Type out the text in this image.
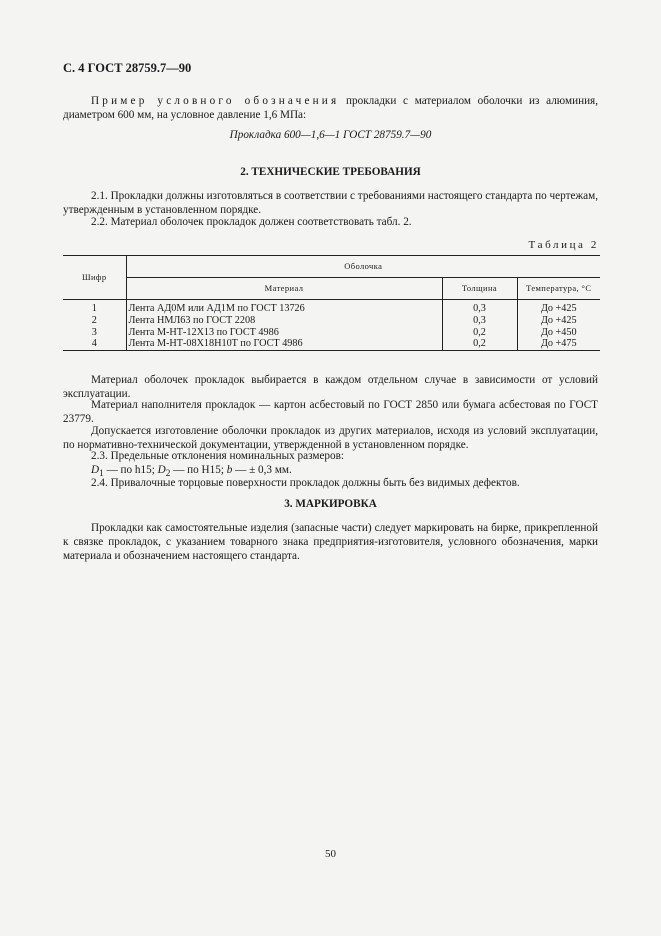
С. 4 ГОСТ 28759.7—90
Пример условного обозначения прокладки с материалом оболочки из алюминия, диаметром 600 мм, на условное давление 1,6 МПа:
Прокладка 600—1,6—1 ГОСТ 28759.7—90
2. ТЕХНИЧЕСКИЕ ТРЕБОВАНИЯ
2.1. Прокладки должны изготовляться в соответствии с требованиями настоящего стандарта по чертежам, утвержденным в установленном порядке.
2.2. Материал оболочек прокладок должен соответствовать табл. 2.
Таблица 2
Шифр	Оболочка		
	Материал	Толщина	Температура, °С
1	Лента АД0М или АД1М по ГОСТ 13726	0,3	До +425
2	Лента НМЛ63 по ГОСТ 2208	0,3	До +425
3	Лента М-НТ-12Х13 по ГОСТ 4986	0,2	До +450
4	Лента М-НТ-08Х18Н10Т по ГОСТ 4986	0,2	До +475
Материал оболочек прокладок выбирается в каждом отдельном случае в зависимости от условий эксплуатации.
Материал наполнителя прокладок — картон асбестовый по ГОСТ 2850 или бумага асбестовая по ГОСТ 23779.
Допускается изготовление оболочки прокладок из других материалов, исходя из условий эксплуатации, по нормативно-технической документации, утвержденной в установленном порядке.
2.3. Предельные отклонения номинальных размеров:
$D_1$ — по h15; $D_2$ — по Н15; b — ± 0,3 мм.
2.4. Привалочные торцовые поверхности прокладок должны быть без видимых дефектов.
3. МАРКИРОВКА
Прокладки как самостоятельные изделия (запасные части) следует маркировать на бирке, прикрепленной к связке прокладок, с указанием товарного знака предприятия-изготовителя, условного обозначения, марки материала и обозначением настоящего стандарта.
50
